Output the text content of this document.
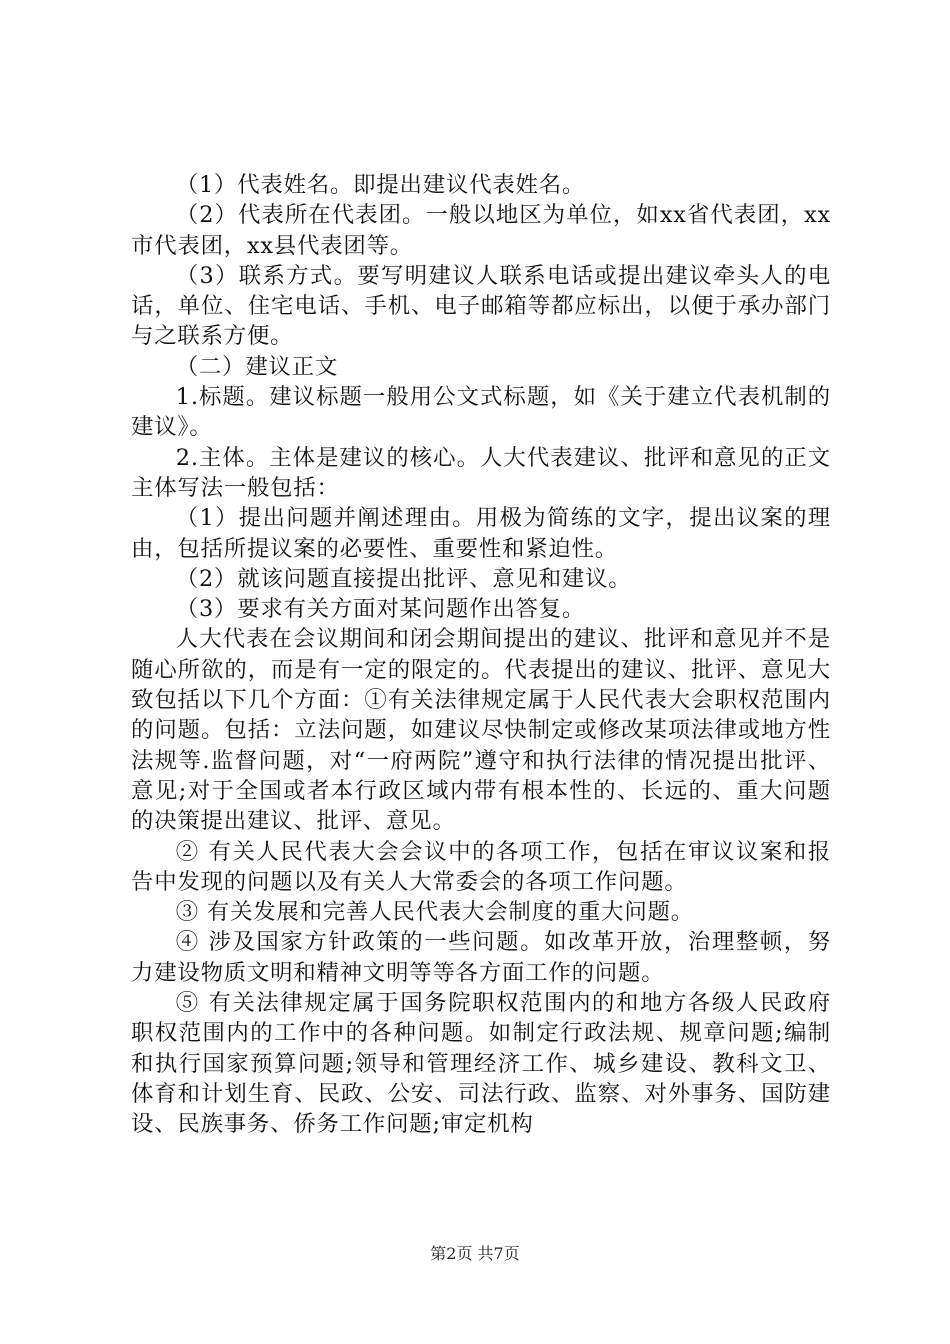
（1）代表姓名。即提出建议代表姓名。

（2）代表所在代表团。一般以地区为单位，如xx省代表团，xx市代表团，xx县代表团等。

（3）联系方式。要写明建议人联系电话或提出建议牵头人的电话，单位、住宅电话、手机、电子邮箱等都应标出，以便于承办部门与之联系方便。

（二）建议正文

1.标题。建议标题一般用公文式标题，如《关于建立代表机制的建议》。

2.主体。主体是建议的核心。人大代表建议、批评和意见的正文主体写法一般包括：

（1）提出问题并阐述理由。用极为简练的文字，提出议案的理由，包括所提议案的必要性、重要性和紧迫性。

（2）就该问题直接提出批评、意见和建议。

（3）要求有关方面对某问题作出答复。

人大代表在会议期间和闭会期间提出的建议、批评和意见并不是随心所欲的，而是有一定的限定的。代表提出的建议、批评、意见大致包括以下几个方面：①有关法律规定属于人民代表大会职权范围内的问题。包括：立法问题，如建议尽快制定或修改某项法律或地方性法规等.监督问题，对“一府两院”遵守和执行法律的情况提出批评、意见;对于全国或者本行政区域内带有根本性的、长远的、重大问题的决策提出建议、批评、意见。

② 有关人民代表大会会议中的各项工作，包括在审议议案和报告中发现的问题以及有关人大常委会的各项工作问题。

③ 有关发展和完善人民代表大会制度的重大问题。

④ 涉及国家方针政策的一些问题。如改革开放，治理整顿，努力建设物质文明和精神文明等等各方面工作的问题。

⑤ 有关法律规定属于国务院职权范围内的和地方各级人民政府职权范围内的工作中的各种问题。如制定行政法规、规章问题;编制和执行国家预算问题;领导和管理经济工作、城乡建设、教科文卫、体育和计划生育、民政、公安、司法行政、监察、对外事务、国防建设、民族事务、侨务工作问题;审定机构

第2页 共7页
